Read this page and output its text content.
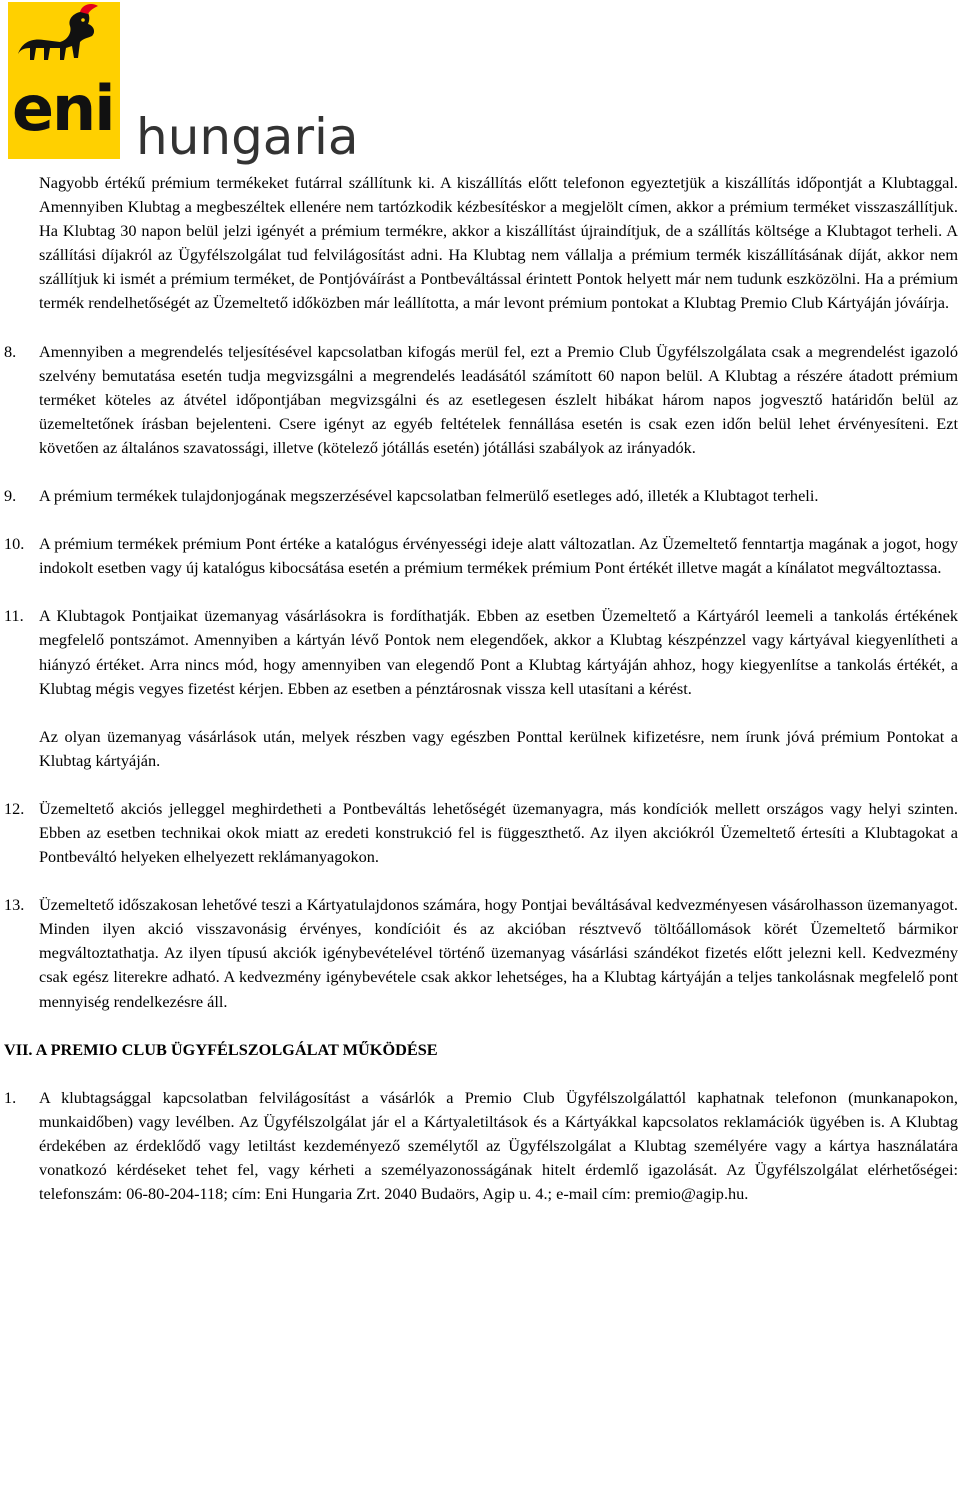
eni hungaria

Nagyobb értékű prémium termékeket futárral szállítunk ki. A kiszállítás előtt telefonon egyeztetjük a kiszállítás időpontját a Klubtaggal. Amennyiben Klubtag a megbeszéltek ellenére nem tartózkodik kézbesítéskor a megjelölt címen, akkor a prémium terméket visszaszállítjuk. Ha Klubtag 30 napon belül jelzi igényét a prémium termékre, akkor a kiszállítást újraindítjuk, de a szállítás költsége a Klubtagot terheli. A szállítási díjakról az Ügyfélszolgálat tud felvilágosítást adni. Ha Klubtag nem vállalja a prémium termék kiszállításának díját, akkor nem szállítjuk ki ismét a prémium terméket, de Pontjóváírást a Pontbeváltással érintett Pontok helyett már nem tudunk eszközölni. Ha a prémium termék rendelhetőségét az Üzemeltető időközben már leállította, a már levont prémium pontokat a Klubtag Premio Club Kártyáján jóváírja.

8. Amennyiben a megrendelés teljesítésével kapcsolatban kifogás merül fel, ezt a Premio Club Ügyfélszolgálata csak a megrendelést igazoló szelvény bemutatása esetén tudja megvizsgálni a megrendelés leadásától számított 60 napon belül. A Klubtag a részére átadott prémium terméket köteles az átvétel időpontjában megvizsgálni és az esetlegesen észlelt hibákat három napos jogvesztő határidőn belül az üzemeltetőnek írásban bejelenteni. Csere igényt az egyéb feltételek fennállása esetén is csak ezen időn belül lehet érvényesíteni. Ezt követően az általános szavatossági, illetve (kötelező jótállás esetén) jótállási szabályok az irányadók.
9. A prémium termékek tulajdonjogának megszerzésével kapcsolatban felmerülő esetleges adó, illeték a Klubtagot terheli.
10. A prémium termékek prémium Pont értéke a katalógus érvényességi ideje alatt változatlan. Az Üzemeltető fenntartja magának a jogot, hogy indokolt esetben vagy új katalógus kibocsátása esetén a prémium termékek prémium Pont értékét illetve magát a kínálatot megváltoztassa.
11. A Klubtagok Pontjaikat üzemanyag vásárlásokra is fordíthatják. Ebben az esetben Üzemeltető a Kártyáról leemeli a tankolás értékének megfelelő pontszámot. Amennyiben a kártyán lévő Pontok nem elegendőek, akkor a Klubtag készpénzzel vagy kártyával kiegyenlítheti a hiányzó értéket. Arra nincs mód, hogy amennyiben van elegendő Pont a Klubtag kártyáján ahhoz, hogy kiegyenlítse a tankolás értékét, a Klubtag mégis vegyes fizetést kérjen. Ebben az esetben a pénztárosnak vissza kell utasítani a kérést.

Az olyan üzemanyag vásárlások után, melyek részben vagy egészben Ponttal kerülnek kifizetésre, nem írunk jóvá prémium Pontokat a Klubtag kártyáján.

12. Üzemeltető akciós jelleggel meghirdetheti a Pontbeváltás lehetőségét üzemanyagra, más kondíciók mellett országos vagy helyi szinten. Ebben az esetben technikai okok miatt az eredeti konstrukció fel is függeszthető. Az ilyen akciókról Üzemeltető értesíti a Klubtagokat a Pontbeváltó helyeken elhelyezett reklámanyagokon.
13. Üzemeltető időszakosan lehetővé teszi a Kártyatulajdonos számára, hogy Pontjai beváltásával kedvezményesen vásárolhasson üzemanyagot. Minden ilyen akció visszavonásig érvényes, kondícióit és az akcióban résztvevő töltőállomások körét Üzemeltető bármikor megváltoztathatja. Az ilyen típusú akciók igénybevételével történő üzemanyag vásárlási szándékot fizetés előtt jelezni kell. Kedvezmény csak egész literekre adható. A kedvezmény igénybevétele csak akkor lehetséges, ha a Klubtag kártyáján a teljes tankolásnak megfelelő pont mennyiség rendelkezésre áll.

VII. A PREMIO CLUB ÜGYFÉLSZOLGÁLAT MŰKÖDÉSE

1. A klubtagsággal kapcsolatban felvilágosítást a vásárlók a Premio Club Ügyfélszolgálattól kaphatnak telefonon (munkanapokon, munkaidőben) vagy levélben. Az Ügyfélszolgálat jár el a Kártyaletiltások és a Kártyákkal kapcsolatos reklamációk ügyében is. A Klubtag érdekében az érdeklődő vagy letiltást kezdeményező személytől az Ügyfélszolgálat a Klubtag személyére vagy a kártya használatára vonatkozó kérdéseket tehet fel, vagy kérheti a személyazonosságának hitelt érdemlő igazolását. Az Ügyfélszolgálat elérhetőségei: telefonszám: 06-80-204-118; cím: Eni Hungaria Zrt. 2040 Budaörs, Agip u. 4.; e-mail cím: premio@agip.hu.
